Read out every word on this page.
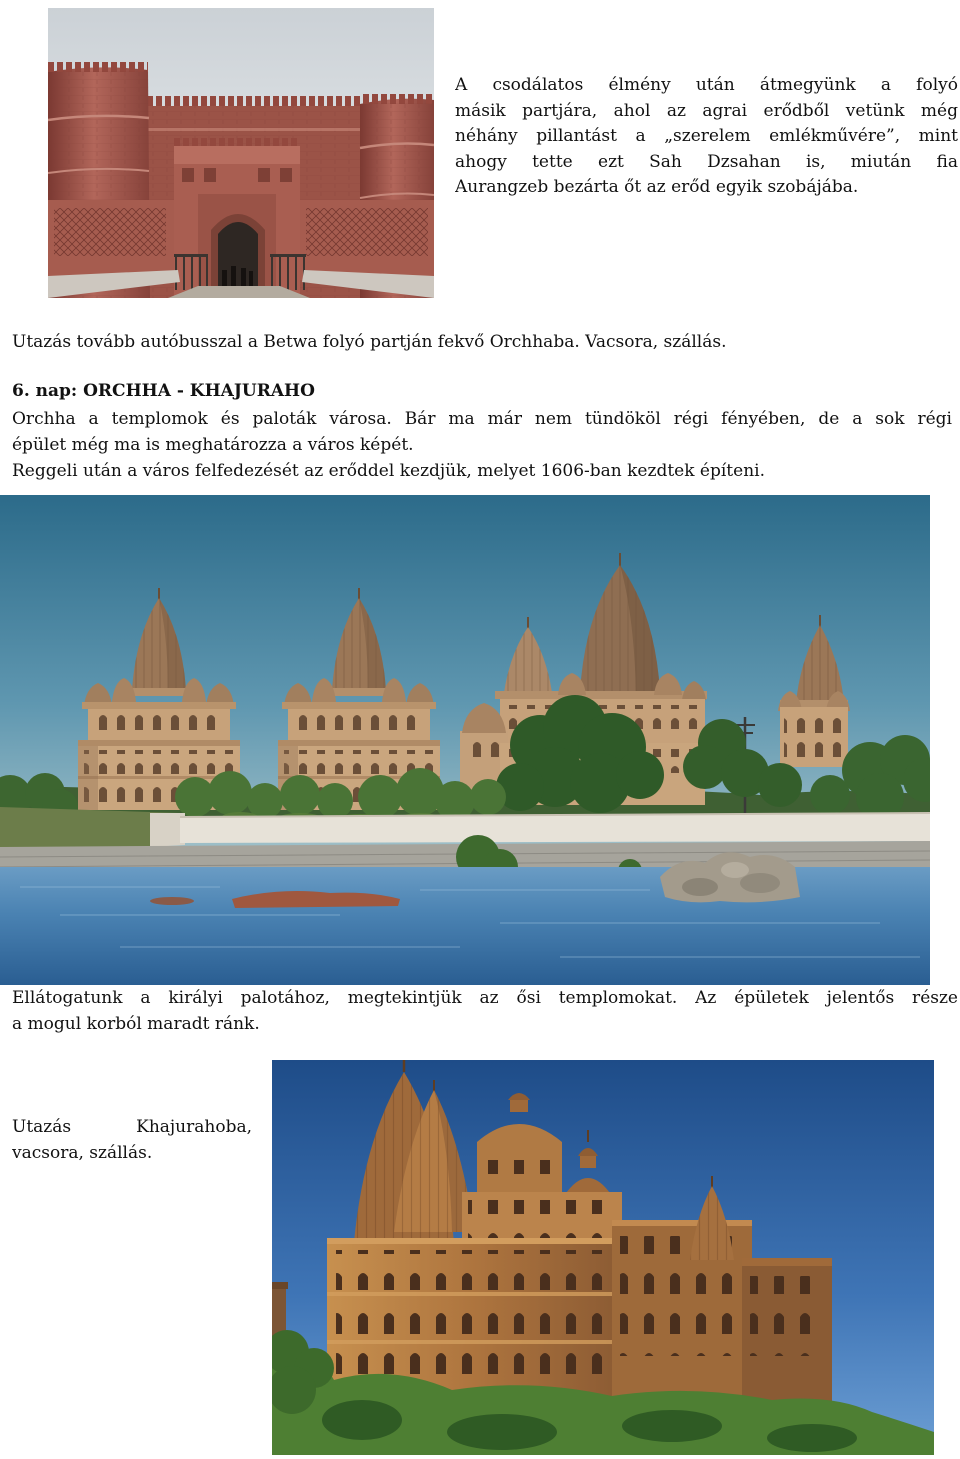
A csodálatos élmény után átmegyünk a folyó
másik partjára, ahol az agrai erődből vetünk még
néhány pillantást a „szerelem emlékművére”, mint
ahogy tette ezt Sah Dzsahan is, miután fia
Aurangzeb bezárta őt az erőd egyik szobájába.
Utazás tovább autóbusszal a Betwa folyó partján fekvő Orchhaba. Vacsora, szállás.
6. nap: ORCHHA - KHAJURAHO
Orchha a templomok és paloták városa. Bár ma már nem tündököl régi fényében, de a sok régi
épület még ma is meghatározza a város képét.
Reggeli után a város felfedezését az erőddel kezdjük, melyet 1606-ban kezdtek építeni.
Ellátogatunk a királyi palotához, megtekintjük az ősi templomokat. Az épületek jelentős része
a mogul korból maradt ránk.
Utazás Khajurahoba,
vacsora, szállás.
